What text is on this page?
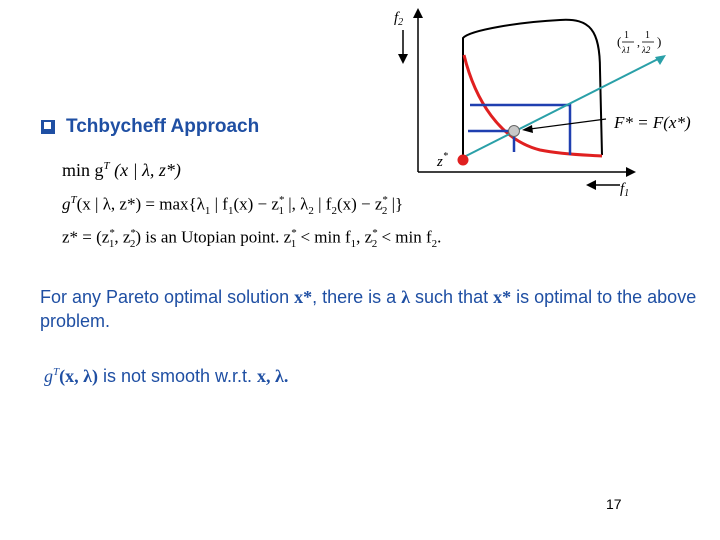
Tchbycheff Approach
$\min g^T$ (x | λ, z*)
$g^T(x$ | λ, $z*) = \max\{\lambda_1$ | $f_1(x) - z^*_1$ |, $\lambda_2$ | $f_2(x) - z^*_2$ |}
$z* = (z^*_1$, $z^*_2$) is an Utopian point. $z^*_1 < \min f_1$, $z^*_2 < \min f_2$.
For any Pareto optimal solution x*, there is a λ such that x* is optimal to the above problem.
$g^T(x$, λ) is not smooth w.r.t. x, λ.
$f_2$
$f_1$
z*
( 1
λ1
, 1
λ2
)
F* = F(x*)
17
